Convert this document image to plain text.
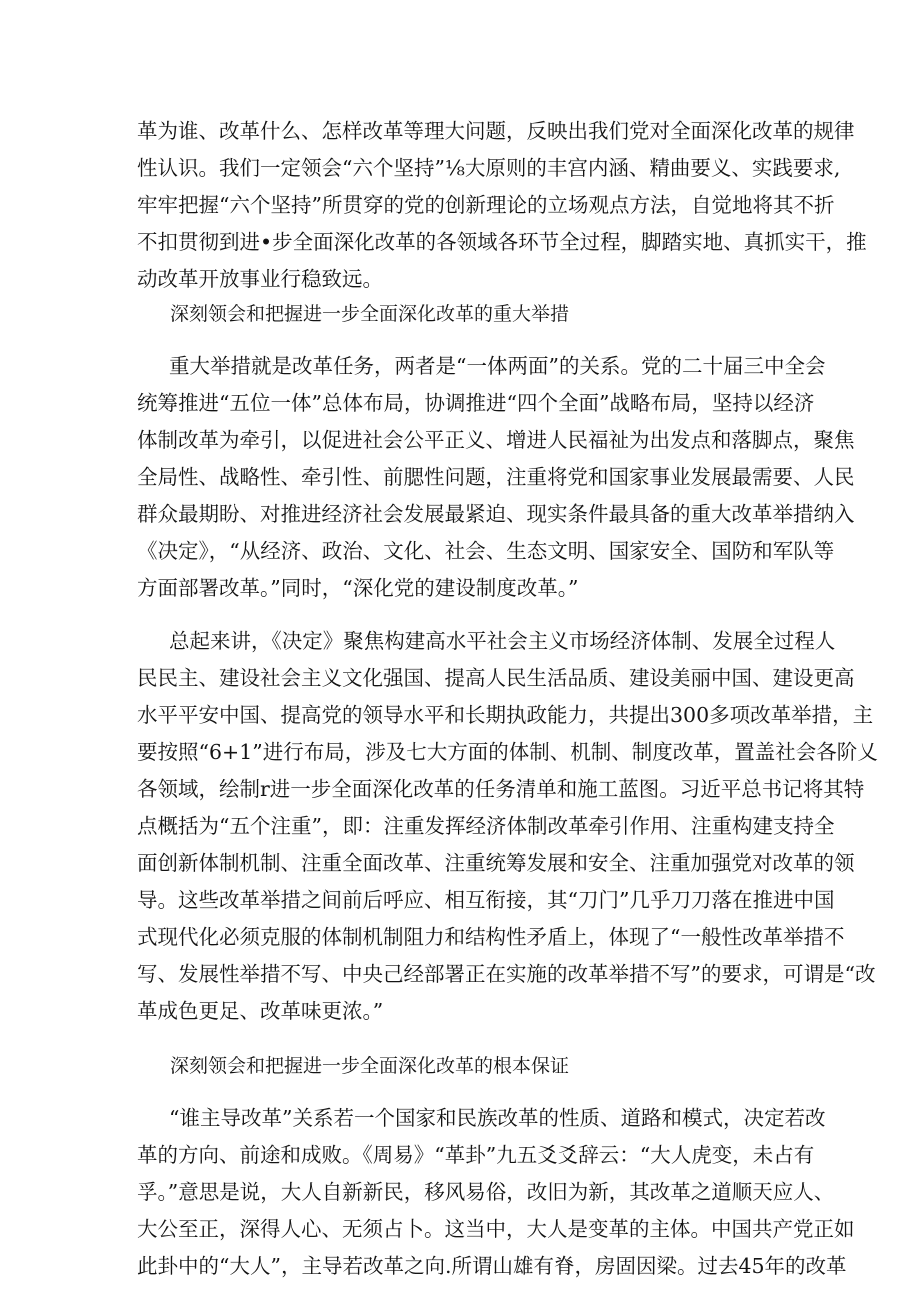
革为谁、改革什么、怎样改革等理大问题，反映出我们党对全面深化改革的规律
性认识。我们一定领会“六个坚持”⅛大原则的丰宫内涵、精曲要义、实践要求,
牢牢把握“六个坚持”所贯穿的党的创新理论的立场观点方法，自觉地将其不折
不扣贯彻到进•步全面深化改革的各领域各环节全过程，脚踏实地、真抓实干，推
动改革开放事业行稳致远。
深刻领会和把握进一步全面深化改革的重大举措
重大举措就是改革任务，两者是“一体两面”的关系。党的二十届三中全会
统筹推进“五位一体”总体布局，协调推进“四个全面”战略布局，坚持以经济
体制改革为牵引，以促进社会公平正义、增进人民福祉为出发点和落脚点，聚焦
全局性、战略性、牵引性、前腮性问题，注重将党和国家事业发展最需要、人民
群众最期盼、对推进经济社会发展最紧迫、现实条件最具备的重大改革举措纳入
《决定》，“从经济、政治、文化、社会、生态文明、国家安全、国防和军队等
方面部署改革。”同时，“深化党的建设制度改革。”
总起来讲，《决定》聚焦构建高水平社会主义市场经济体制、发展全过程人
民民主、建设社会主义文化强国、提高人民生活品质、建设美丽中国、建设更高
水平平安中国、提高党的领导水平和长期执政能力，共提出300多项改革举措，主
要按照“6+1”进行布局，涉及七大方面的体制、机制、制度改革，置盖社会各阶乂
各领域，绘制r进一步全面深化改革的任务清单和施工蓝图。习近平总书记将其特
点概括为“五个注重”，即：注重发挥经济体制改革牵引作用、注重构建支持全
面创新体制机制、注重全面改革、注重统筹发展和安全、注重加强党对改革的领
导。这些改革举措之间前后呼应、相互衔接，其“刀门”几乎刀刀落在推进中国
式现代化必须克服的体制机制阻力和结构性矛盾上，体现了“一般性改革举措不
写、发展性举措不写、中央己经部署正在实施的改革举措不写”的要求，可谓是“改
革成色更足、改革味更浓。”
深刻领会和把握进一步全面深化改革的根本保证
“谁主导改革”关系若一个国家和民族改革的性质、道路和模式，决定若改
革的方向、前途和成败。《周易》“革卦”九五爻爻辞云：“大人虎变，未占有
孚。”意思是说，大人自新新民，移风易俗，改旧为新，其改革之道顺天应人、
大公至正，深得人心、无须占卜。这当中，大人是变革的主体。中国共产党正如
此卦中的“大人”，主导若改革之向.所谓山雄有脊，房固因梁。过去45年的改革
